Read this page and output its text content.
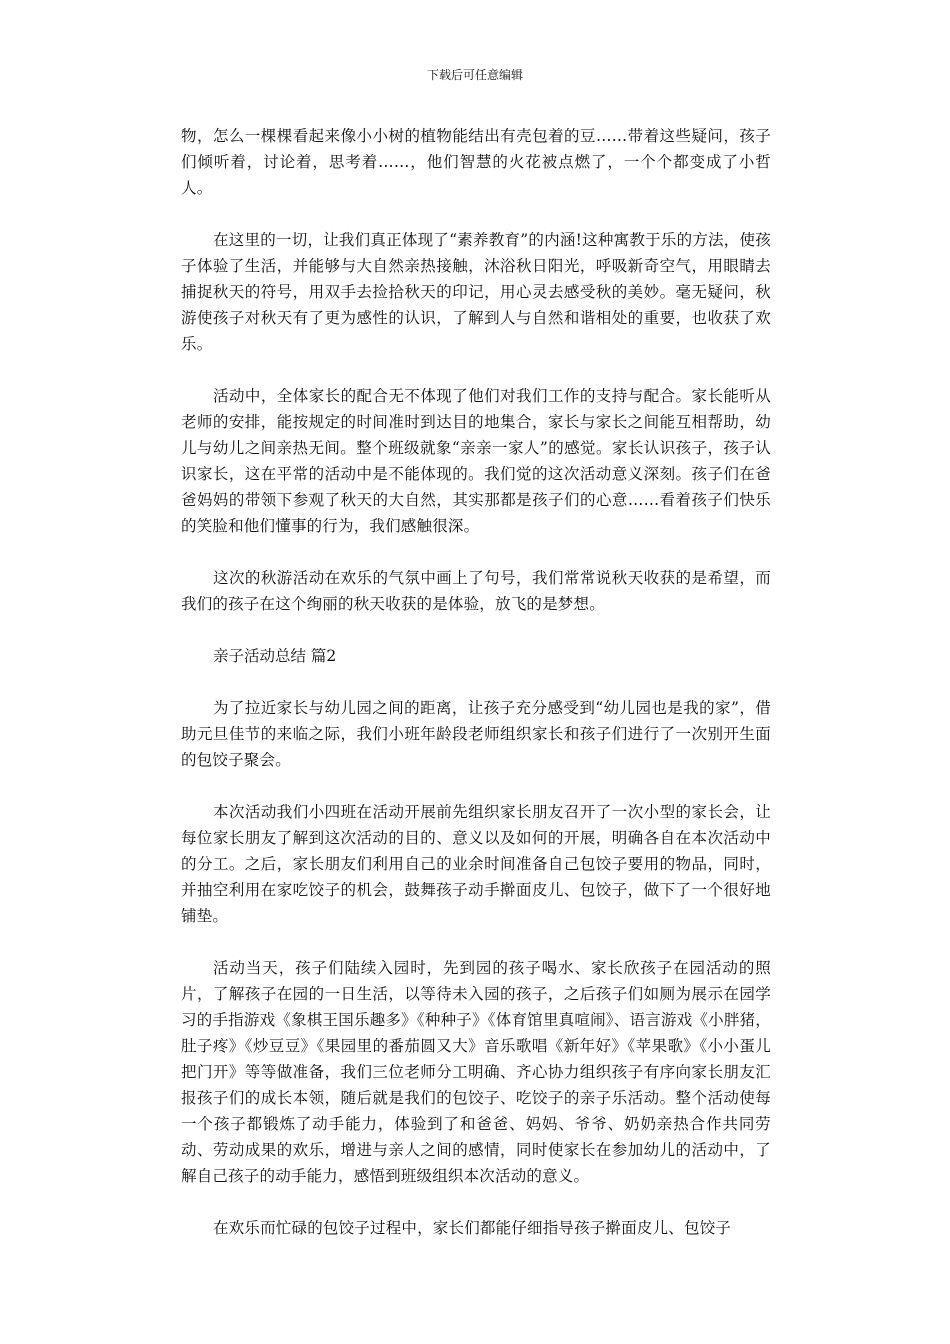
下载后可任意编辑

物，怎么一棵棵看起来像小小树的植物能结出有壳包着的豆……带着这些疑问，孩子们倾听着，讨论着，思考着……，他们智慧的火花被点燃了，一个个都变成了小哲人。

在这里的一切，让我们真正体现了“素养教育”的内涵!这种寓教于乐的方法，使孩子体验了生活，并能够与大自然亲热接触，沐浴秋日阳光，呼吸新奇空气，用眼睛去捕捉秋天的符号，用双手去捡拾秋天的印记，用心灵去感受秋的美妙。毫无疑问，秋游使孩子对秋天有了更为感性的认识，了解到人与自然和谐相处的重要，也收获了欢乐。

活动中，全体家长的配合无不体现了他们对我们工作的支持与配合。家长能听从老师的安排，能按规定的时间准时到达目的地集合，家长与家长之间能互相帮助，幼儿与幼儿之间亲热无间。整个班级就象“亲亲一家人”的感觉。家长认识孩子，孩子认识家长，这在平常的活动中是不能体现的。我们觉的这次活动意义深刻。孩子们在爸爸妈妈的带领下参观了秋天的大自然，其实那都是孩子们的心意……看着孩子们快乐的笑脸和他们懂事的行为，我们感触很深。

这次的秋游活动在欢乐的气氛中画上了句号，我们常常说秋天收获的是希望，而我们的孩子在这个绚丽的秋天收获的是体验，放飞的是梦想。

亲子活动总结 篇2

为了拉近家长与幼儿园之间的距离，让孩子充分感受到“幼儿园也是我的家”，借助元旦佳节的来临之际，我们小班年龄段老师组织家长和孩子们进行了一次别开生面的包饺子聚会。

本次活动我们小四班在活动开展前先组织家长朋友召开了一次小型的家长会，让每位家长朋友了解到这次活动的目的、意义以及如何的开展，明确各自在本次活动中的分工。之后，家长朋友们利用自己的业余时间准备自己包饺子要用的物品，同时，并抽空利用在家吃饺子的机会，鼓舞孩子动手擀面皮儿、包饺子，做下了一个很好地铺垫。

活动当天，孩子们陆续入园时，先到园的孩子喝水、家长欣孩子在园活动的照片，了解孩子在园的一日生活，以等待未入园的孩子，之后孩子们如厕为展示在园学习的手指游戏《象棋王国乐趣多》《种种子》《体育馆里真喧闹》、语言游戏《小胖猪，肚子疼》《炒豆豆》《果园里的番茄圆又大》音乐歌唱《新年好》《苹果歌》《小小蛋儿把门开》等等做准备，我们三位老师分工明确、齐心协力组织孩子有序向家长朋友汇报孩子们的成长本领，随后就是我们的包饺子、吃饺子的亲子乐活动。整个活动使每一个孩子都锻炼了动手能力，体验到了和爸爸、妈妈、爷爷、奶奶亲热合作共同劳动、劳动成果的欢乐，增进与亲人之间的感情，同时使家长在参加幼儿的活动中，了解自己孩子的动手能力，感悟到班级组织本次活动的意义。

在欢乐而忙碌的包饺子过程中，家长们都能仔细指导孩子擀面皮儿、包饺子
